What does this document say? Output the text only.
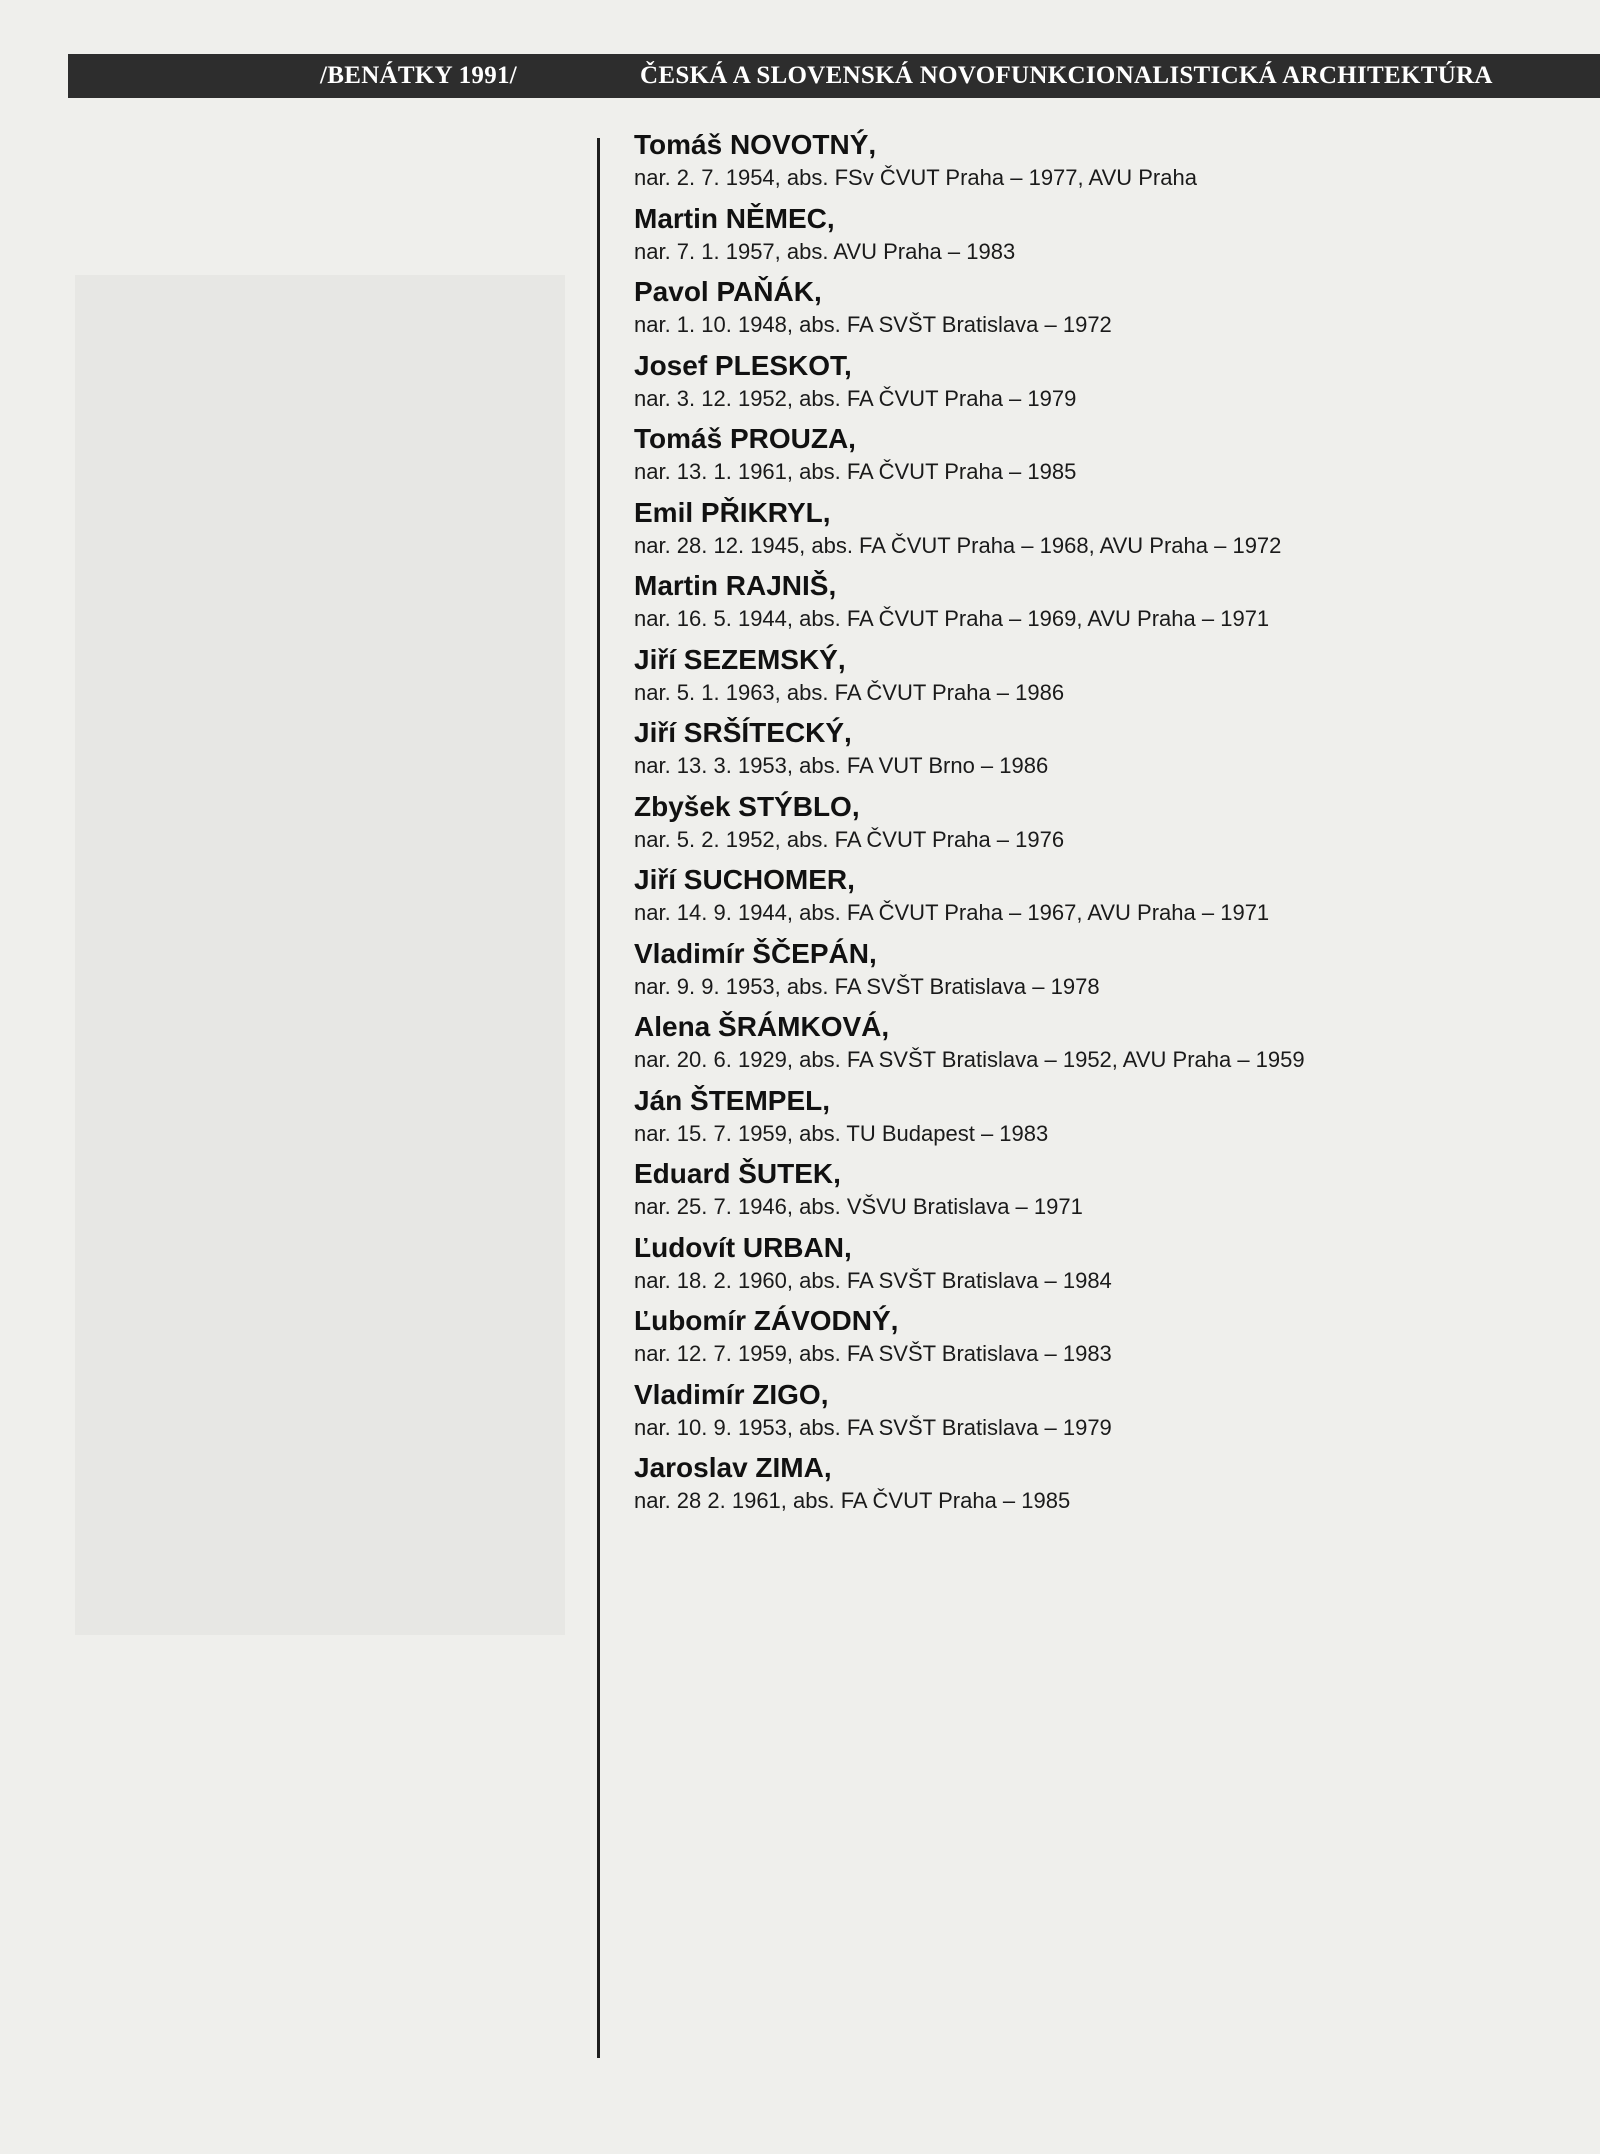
/BENÁTKY 1991/	ČESKÁ A SLOVENSKÁ NOVOFUNKCIONALISTICKÁ ARCHITEKTÚRA
Tomáš NOVOTNÝ,
nar. 2. 7. 1954, abs. FSv ČVUT Praha – 1977, AVU Praha
Martin NĚMEC,
nar. 7. 1. 1957, abs. AVU Praha – 1983
Pavol PAŇÁK,
nar. 1. 10. 1948, abs. FA SVŠT Bratislava – 1972
Josef PLESKOT,
nar. 3. 12. 1952, abs. FA ČVUT Praha – 1979
Tomáš PROUZA,
nar. 13. 1. 1961, abs. FA ČVUT Praha – 1985
Emil PŘIKRYL,
nar. 28. 12. 1945, abs. FA ČVUT Praha – 1968, AVU Praha – 1972
Martin RAJNIŠ,
nar. 16. 5. 1944, abs. FA ČVUT Praha – 1969, AVU Praha – 1971
Jiří SEZEMSKÝ,
nar. 5. 1. 1963, abs. FA ČVUT Praha – 1986
Jiří SRŠÍTECKÝ,
nar. 13. 3. 1953, abs. FA VUT Brno – 1986
Zbyšek STÝBLO,
nar. 5. 2. 1952, abs. FA ČVUT Praha – 1976
Jiří SUCHOMER,
nar. 14. 9. 1944, abs. FA ČVUT Praha – 1967, AVU Praha – 1971
Vladimír ŠČEPÁN,
nar. 9. 9. 1953, abs. FA SVŠT Bratislava – 1978
Alena ŠRÁMKOVÁ,
nar. 20. 6. 1929, abs. FA SVŠT Bratislava – 1952, AVU Praha – 1959
Ján ŠTEMPEL,
nar. 15. 7. 1959, abs. TU Budapest – 1983
Eduard ŠUTEK,
nar. 25. 7. 1946, abs. VŠVU Bratislava – 1971
Ľudovít URBAN,
nar. 18. 2. 1960, abs. FA SVŠT Bratislava – 1984
Ľubomír ZÁVODNÝ,
nar. 12. 7. 1959, abs. FA SVŠT Bratislava – 1983
Vladimír ZIGO,
nar. 10. 9. 1953, abs. FA SVŠT Bratislava – 1979
Jaroslav ZIMA,
nar. 28 2. 1961, abs. FA ČVUT Praha – 1985
